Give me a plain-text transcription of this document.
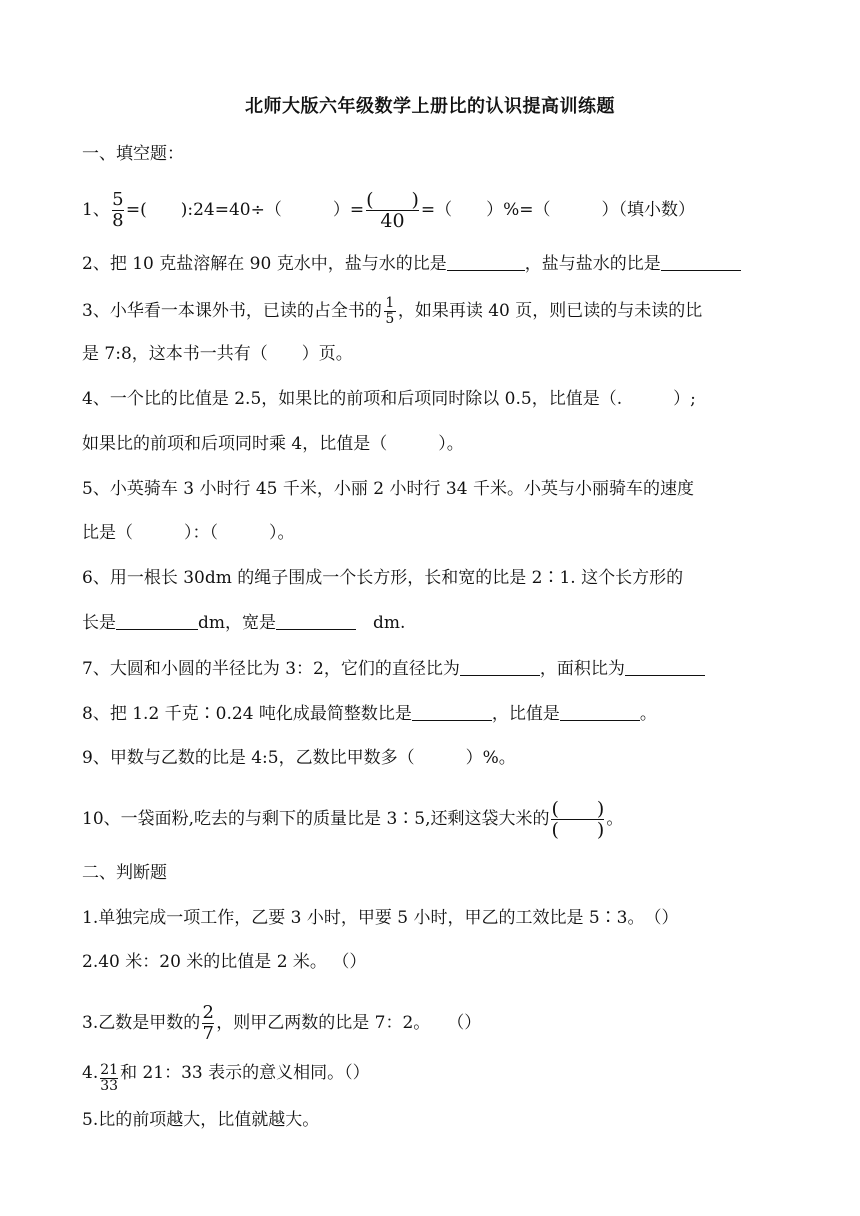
北师大版六年级数学上册比的认识提高训练题
一、填空题：
1、 $\frac{5}{8}$ =(　　):24=40÷（　　　）= $\frac{( )}{40}$ =（　　）%=（　　　）（填小数）
2、把 10 克盐溶解在 90 克水中，盐与水的比是	，盐与盐水的比是
3、小华看一本课外书，已读的占全书的 $\frac{1}{5}$ ，如果再读 40 页，则已读的与未读的比
是 7:8，这本书一共有（　　）页。
4、一个比的比值是 2.5，如果比的前项和后项同时除以 0.5，比值是（.　　　）;
如果比的前项和后项同时乘 4，比值是（　　　）。
5、小英骑车 3 小时行 45 千米，小丽 2 小时行 34 千米。小英与小丽骑车的速度
比是（　　　）：（　　　）。
6、用一根长 30dm 的绳子围成一个长方形，长和宽的比是 2∶1. 这个长方形的
长是	dm，宽是	　dm.
7、大圆和小圆的半径比为 3：2，它们的直径比为	，面积比为
8、把 1.2 千克∶0.24 吨化成最简整数比是	，比值是	。
9、甲数与乙数的比是 4:5，乙数比甲数多（　　　）%。
10、一袋面粉,吃去的与剩下的质量比是 3∶5,还剩这袋大米的 $\frac{( )}{( )}$ 。
二、判断题
1.单独完成一项工作，乙要 3 小时，甲要 5 小时，甲乙的工效比是 5∶3。　（）
2.40 米：20 米的比值是 2 米。 （）
3.乙数是甲数的 $\frac{2}{7}$ ，则甲乙两数的比是 7：2。　　（）
4. $\frac{21}{33}$ 和 21：33 表示的意义相同。（）
5.比的前项越大，比值就越大。
